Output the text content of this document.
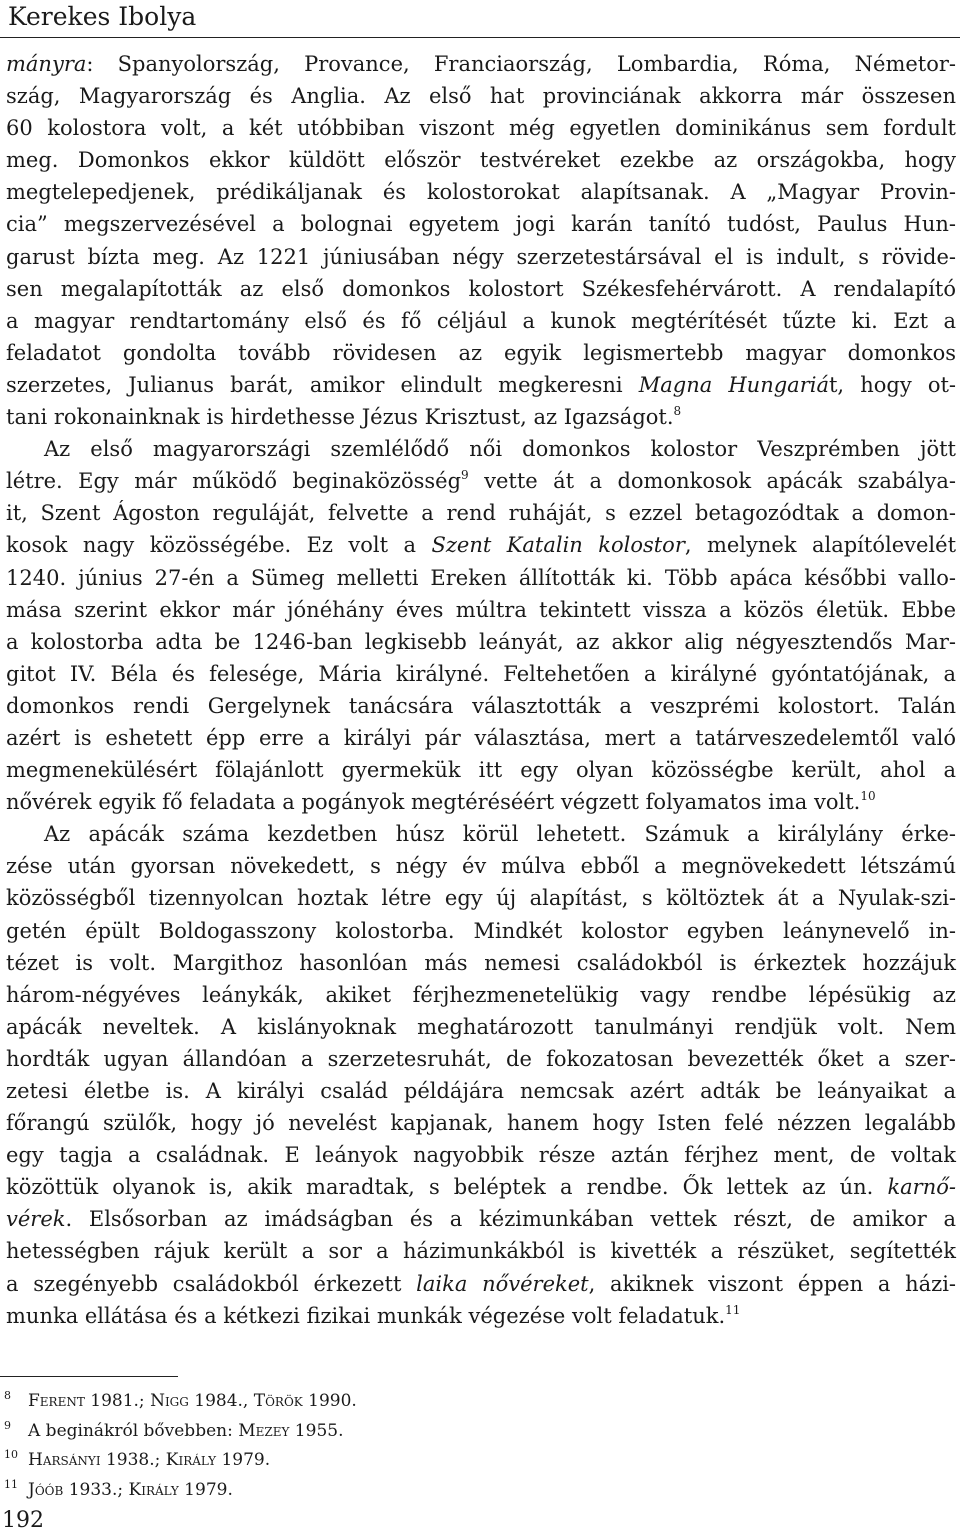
Kerekes Ibolya
mányra: Spanyolország, Provance, Franciaország, Lombardia, Róma, Németor-
szág, Magyarország és Anglia. Az első hat provinciának akkorra már összesen
60 kolostora volt, a két utóbbiban viszont még egyetlen dominikánus sem fordult
meg. Domonkos ekkor küldött először testvéreket ezekbe az országokba, hogy
megtelepedjenek, prédikáljanak és kolostorokat alapítsanak. A „Magyar Provin-
cia” megszervezésével a bolognai egyetem jogi karán tanító tudóst, Paulus Hun-
garust bízta meg. Az 1221 júniusában négy szerzetestársával el is indult, s rövide-
sen megalapították az első domonkos kolostort Székesfehérvárott. A rendalapító
a magyar rendtartomány első és fő céljául a kunok megtérítését tűzte ki. Ezt a
feladatot gondolta tovább rövidesen az egyik legismertebb magyar domonkos
szerzetes, Julianus barát, amikor elindult megkeresni Magna Hungariát, hogy ot-
tani rokonainknak is hirdethesse Jézus Krisztust, az Igazságot.$^8$
Az első magyarországi szemlélődő női domonkos kolostor Veszprémben jött
létre. Egy már működő beginaközösség$^9$ vette át a domonkosok apácák szabálya-
it, Szent Ágoston reguláját, felvette a rend ruháját, s ezzel betagozódtak a domon-
kosok nagy közösségébe. Ez volt a Szent Katalin kolostor, melynek alapítólevelét
1240. június 27-én a Sümeg melletti Ereken állították ki. Több apáca későbbi vallo-
mása szerint ekkor már jónéhány éves múltra tekintett vissza a közös életük. Ebbe
a kolostorba adta be 1246-ban legkisebb leányát, az akkor alig négyesztendős Mar-
gitot IV. Béla és felesége, Mária királyné. Feltehetően a királyné gyóntatójának, a
domonkos rendi Gergelynek tanácsára választották a veszprémi kolostort. Talán
azért is eshetett épp erre a királyi pár választása, mert a tatárveszedelemtől való
megmenekülésért fölajánlott gyermekük itt egy olyan közösségbe került, ahol a
nővérek egyik fő feladata a pogányok megtéréséért végzett folyamatos ima volt.$^{10}$
Az apácák száma kezdetben húsz körül lehetett. Számuk a királylány érke-
zése után gyorsan növekedett, s négy év múlva ebből a megnövekedett létszámú
közösségből tizennyolcan hoztak létre egy új alapítást, s költöztek át a Nyulak-szi-
getén épült Boldogasszony kolostorba. Mindkét kolostor egyben leánynevelő in-
tézet is volt. Margithoz hasonlóan más nemesi családokból is érkeztek hozzájuk
három-négyéves leánykák, akiket férjhezmenetelükig vagy rendbe lépésükig az
apácák neveltek. A kislányoknak meghatározott tanulmányi rendjük volt. Nem
hordták ugyan állandóan a szerzetesruhát, de fokozatosan bevezették őket a szer-
zetesi életbe is. A királyi család példájára nemcsak azért adták be leányaikat a
főrangú szülők, hogy jó nevelést kapjanak, hanem hogy Isten felé nézzen legalább
egy tagja a családnak. E leányok nagyobbik része aztán férjhez ment, de voltak
közöttük olyanok is, akik maradtak, s beléptek a rendbe. Ők lettek az ún. karnő-
vérek. Elsősorban az imádságban és a kézimunkában vettek részt, de amikor a
hetességben rájuk került a sor a házimunkákból is kivették a részüket, segítették
a szegényebb családokból érkezett laika nővéreket, akiknek viszont éppen a házi-
munka ellátása és a kétkezi fizikai munkák végezése volt feladatuk.$^{11}$
8 Ferent 1981.; Nigg 1984., Török 1990.
9 A beginákról bővebben: Mezey 1955.
10 Harsányi 1938.; Király 1979.
11 Jóób 1933.; Király 1979.
192
